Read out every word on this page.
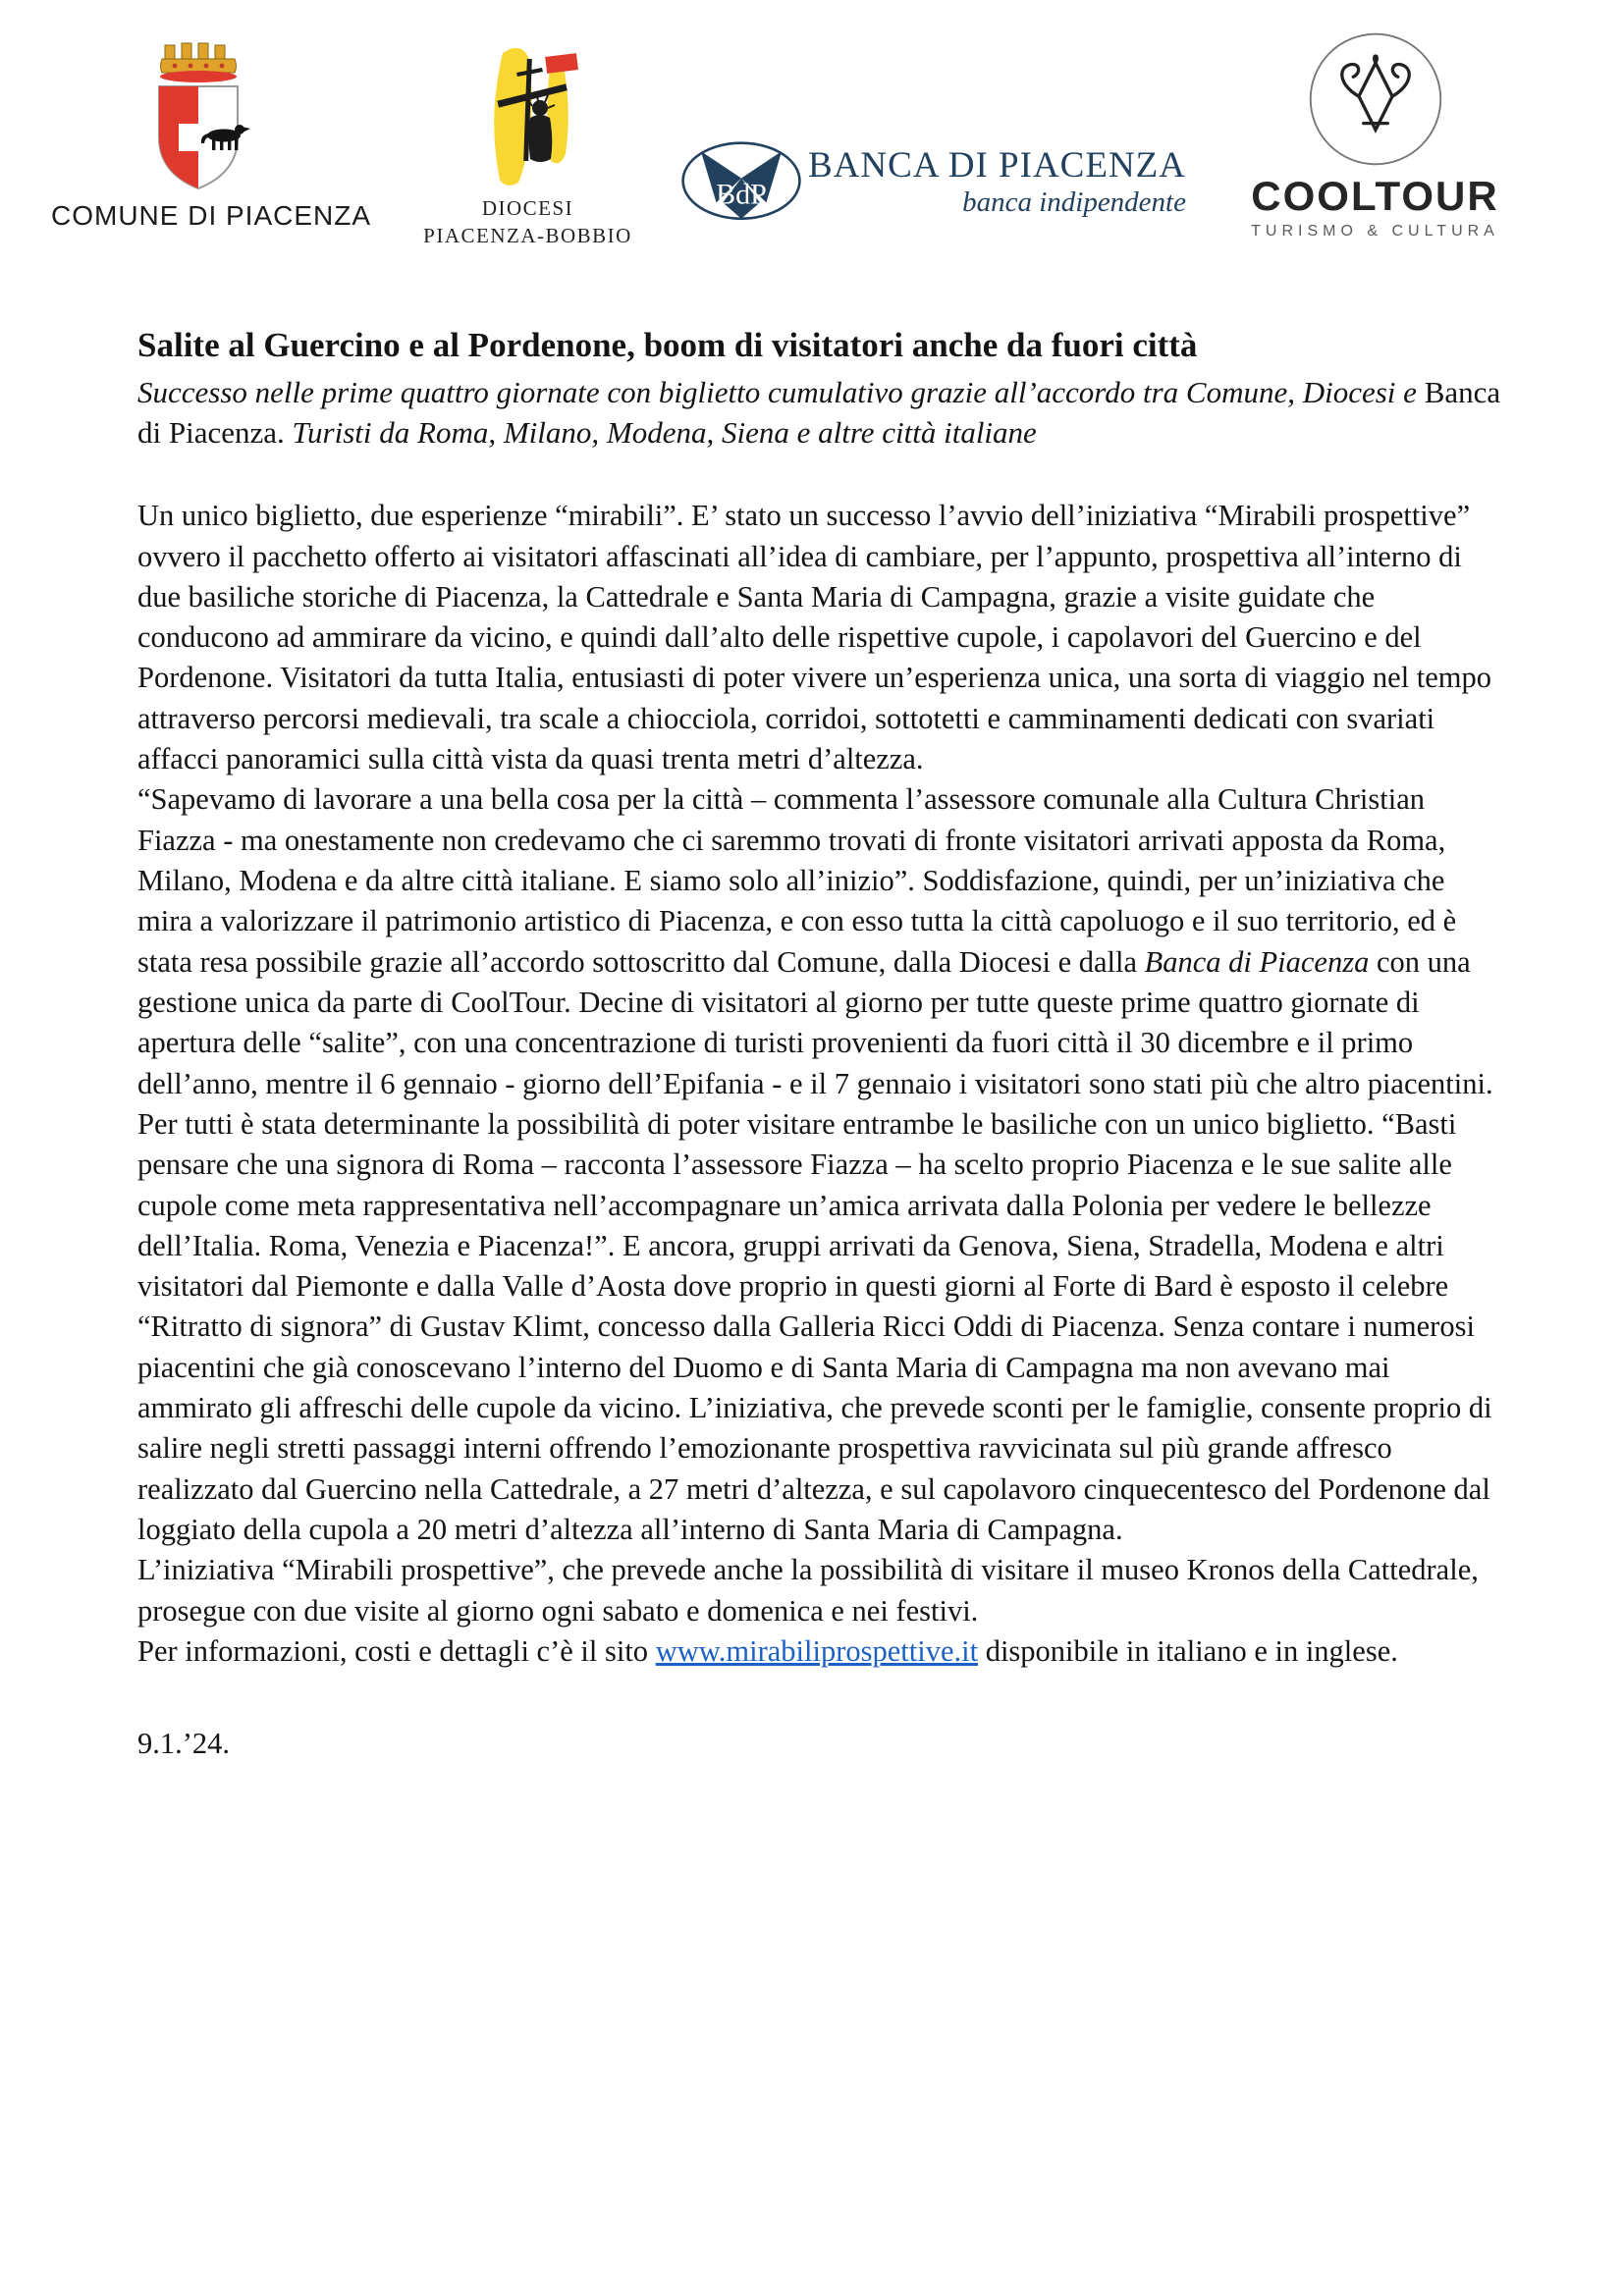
COMUNE DI PIACENZA	DIOCESI
PIACENZA-BOBBIO
BdP
BANCA DI PIACENZA
banca indipendente	COOLTOUR
TURISMO & CULTURA
Salite al Guercino e al Pordenone, boom di visitatori anche da fuori città
Successo nelle prime quattro giornate con biglietto cumulativo grazie all’accordo tra Comune, Diocesi e Banca di Piacenza. Turisti da Roma, Milano, Modena, Siena e altre città italiane

Un unico biglietto, due esperienze “mirabili”. E’ stato un successo l’avvio dell’iniziativa “Mirabili prospettive” ovvero il pacchetto offerto ai visitatori affascinati all’idea di cambiare, per l’appunto, prospettiva all’interno di due basiliche storiche di Piacenza, la Cattedrale e Santa Maria di Campagna, grazie a visite guidate che conducono ad ammirare da vicino, e quindi dall’alto delle rispettive cupole, i capolavori del Guercino e del Pordenone. Visitatori da tutta Italia, entusiasti di poter vivere un’esperienza unica, una sorta di viaggio nel tempo attraverso percorsi medievali, tra scale a chiocciola, corridoi, sottotetti e camminamenti dedicati con svariati affacci panoramici sulla città vista da quasi trenta metri d’altezza.

“Sapevamo di lavorare a una bella cosa per la città – commenta l’assessore comunale alla Cultura Christian Fiazza - ma onestamente non credevamo che ci saremmo trovati di fronte visitatori arrivati apposta da Roma, Milano, Modena e da altre città italiane. E siamo solo all’inizio”. Soddisfazione, quindi, per un’iniziativa che mira a valorizzare il patrimonio artistico di Piacenza, e con esso tutta la città capoluogo e il suo territorio, ed è stata resa possibile grazie all’accordo sottoscritto dal Comune, dalla Diocesi e dalla Banca di Piacenza con una gestione unica da parte di CoolTour. Decine di visitatori al giorno per tutte queste prime quattro giornate di apertura delle “salite”, con una concentrazione di turisti provenienti da fuori città il 30 dicembre e il primo dell’anno, mentre il 6 gennaio - giorno dell’Epifania - e il 7 gennaio i visitatori sono stati più che altro piacentini.

Per tutti è stata determinante la possibilità di poter visitare entrambe le basiliche con un unico biglietto. “Basti pensare che una signora di Roma – racconta l’assessore Fiazza – ha scelto proprio Piacenza e le sue salite alle cupole come meta rappresentativa nell’accompagnare un’amica arrivata dalla Polonia per vedere le bellezze dell’Italia. Roma, Venezia e Piacenza!”. E ancora, gruppi arrivati da Genova, Siena, Stradella, Modena e altri visitatori dal Piemonte e dalla Valle d’Aosta dove proprio in questi giorni al Forte di Bard è esposto il celebre “Ritratto di signora” di Gustav Klimt, concesso dalla Galleria Ricci Oddi di Piacenza. Senza contare i numerosi piacentini che già conoscevano l’interno del Duomo e di Santa Maria di Campagna ma non avevano mai ammirato gli affreschi delle cupole da vicino. L’iniziativa, che prevede sconti per le famiglie, consente proprio di salire negli stretti passaggi interni offrendo l’emozionante prospettiva ravvicinata sul più grande affresco realizzato dal Guercino nella Cattedrale, a 27 metri d’altezza, e sul capolavoro cinquecentesco del Pordenone dal loggiato della cupola a 20 metri d’altezza all’interno di Santa Maria di Campagna.

L’iniziativa “Mirabili prospettive”, che prevede anche la possibilità di visitare il museo Kronos della Cattedrale, prosegue con due visite al giorno ogni sabato e domenica e nei festivi.

Per informazioni, costi e dettagli c’è il sito www.mirabiliprospettive.it disponibile in italiano e in inglese.

9.1.’24.
